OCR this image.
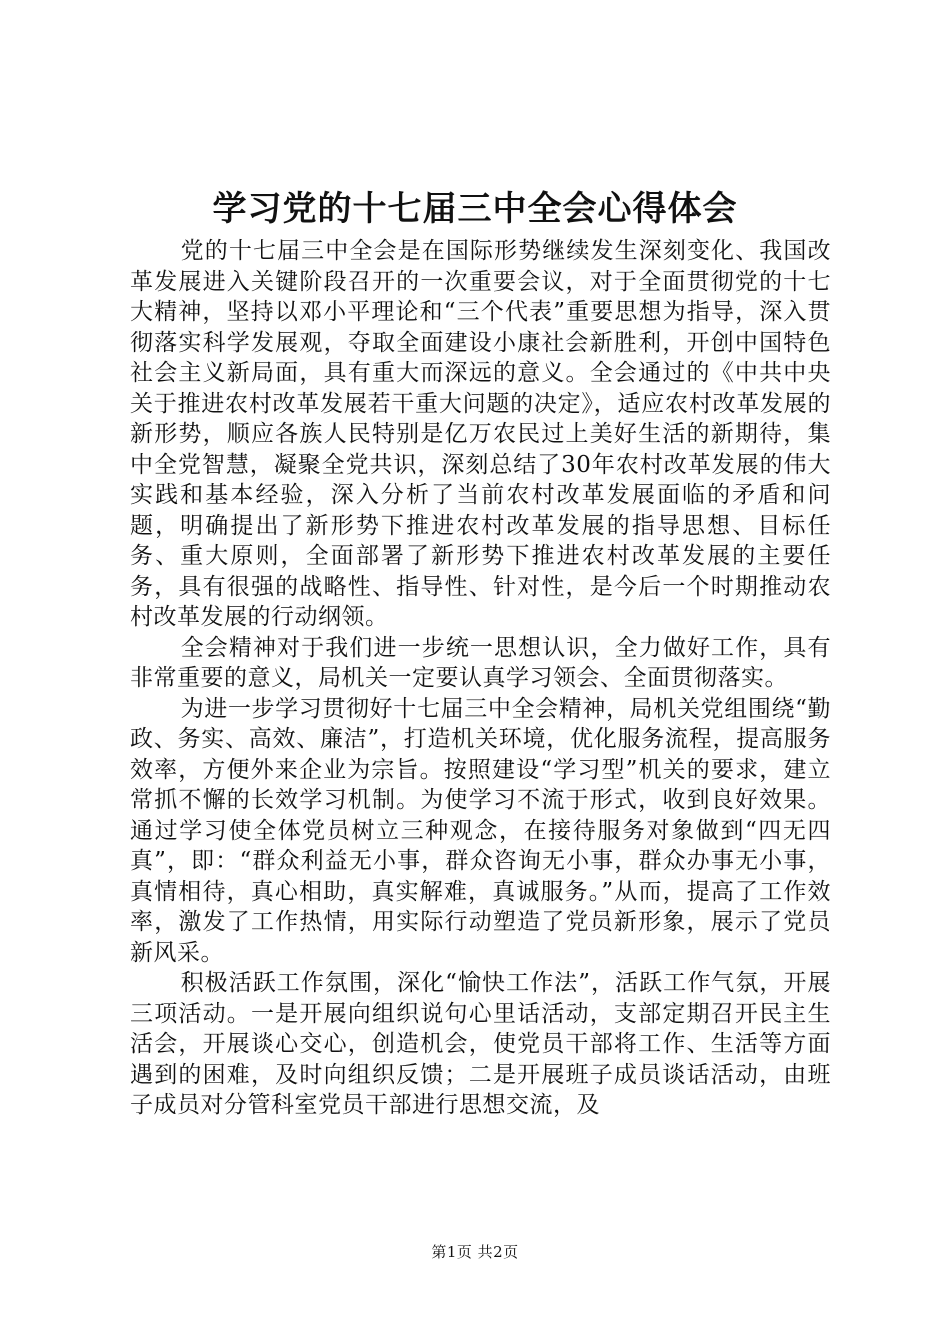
学习党的十七届三中全会心得体会

党的十七届三中全会是在国际形势继续发生深刻变化、我国改革发展进入关键阶段召开的一次重要会议，对于全面贯彻党的十七大精神，坚持以邓小平理论和“三个代表”重要思想为指导，深入贯彻落实科学发展观，夺取全面建设小康社会新胜利，开创中国特色社会主义新局面，具有重大而深远的意义。全会通过的《中共中央关于推进农村改革发展若干重大问题的决定》，适应农村改革发展的新形势，顺应各族人民特别是亿万农民过上美好生活的新期待，集中全党智慧，凝聚全党共识，深刻总结了30年农村改革发展的伟大实践和基本经验，深入分析了当前农村改革发展面临的矛盾和问题，明确提出了新形势下推进农村改革发展的指导思想、目标任务、重大原则，全面部署了新形势下推进农村改革发展的主要任务，具有很强的战略性、指导性、针对性，是今后一个时期推动农村改革发展的行动纲领。

全会精神对于我们进一步统一思想认识，全力做好工作，具有非常重要的意义，局机关一定要认真学习领会、全面贯彻落实。

为进一步学习贯彻好十七届三中全会精神，局机关党组围绕“勤政、务实、高效、廉洁”，打造机关环境，优化服务流程，提高服务效率，方便外来企业为宗旨。按照建设“学习型”机关的要求，建立常抓不懈的长效学习机制。为使学习不流于形式，收到良好效果。通过学习使全体党员树立三种观念，在接待服务对象做到“四无四真”，即：“群众利益无小事，群众咨询无小事，群众办事无小事，真情相待，真心相助，真实解难，真诚服务。”从而，提高了工作效率，激发了工作热情，用实际行动塑造了党员新形象，展示了党员新风采。

积极活跃工作氛围，深化“愉快工作法”，活跃工作气氛，开展三项活动。一是开展向组织说句心里话活动，支部定期召开民主生活会，开展谈心交心，创造机会，使党员干部将工作、生活等方面遇到的困难，及时向组织反馈；二是开展班子成员谈话活动，由班子成员对分管科室党员干部进行思想交流，及

第1页 共2页
